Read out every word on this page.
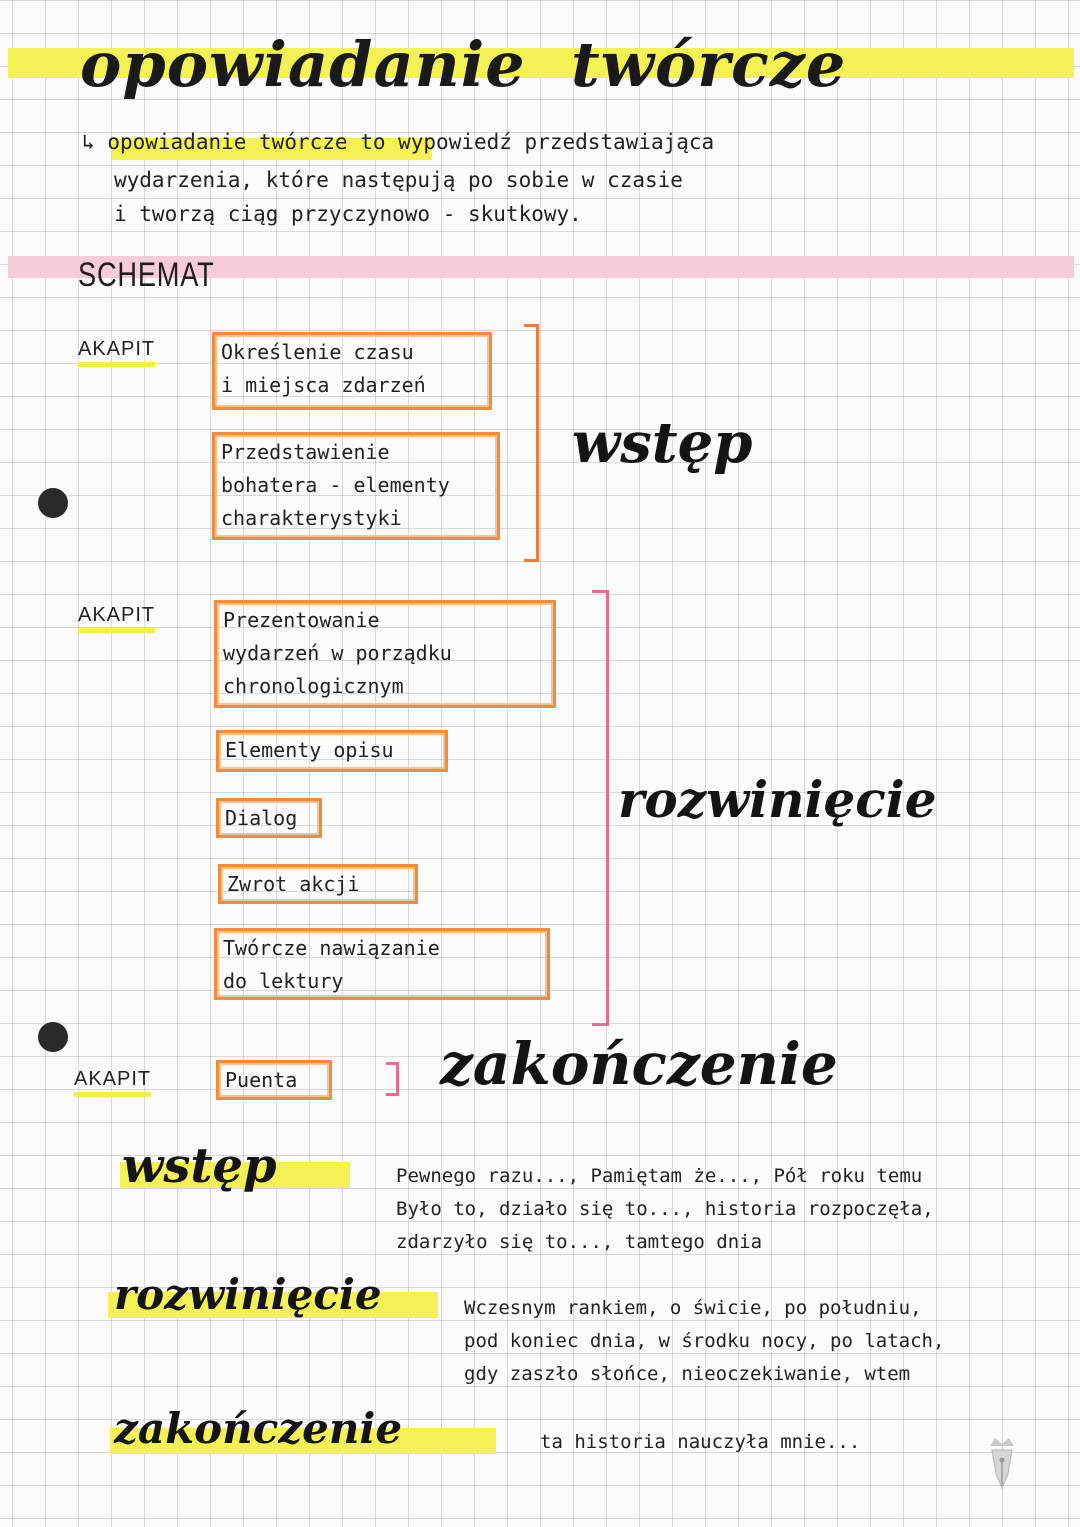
opowiadanie twórcze
↳ opowiadanie twórcze to wypowiedź przedstawiająca
wydarzenia, które następują po sobie w czasie
i tworzą ciąg przyczynowo - skutkowy.
SCHEMAT
AKAPIT	Określenie czasu
i miejsca zdarzeń
Przedstawienie
bohatera - elementy
charakterystyki
wstęp
AKAPIT	Prezentowanie
wydarzeń w porządku
chronologicznym
Elementy opisu
Dialog
Zwrot akcji
Twórcze nawiązanie
do lektury
rozwinięcie
AKAPIT	Puenta	zakończenie
wstęp	Pewnego razu..., Pamiętam że..., Pół roku temu
Było to, działo się to..., historia rozpoczęła,
zdarzyło się to..., tamtego dnia
rozwinięcie	Wczesnym rankiem, o świcie, po południu,
pod koniec dnia, w środku nocy, po latach,
gdy zaszło słońce, nieoczekiwanie, wtem
zakończenie	ta historia nauczyła mnie...
